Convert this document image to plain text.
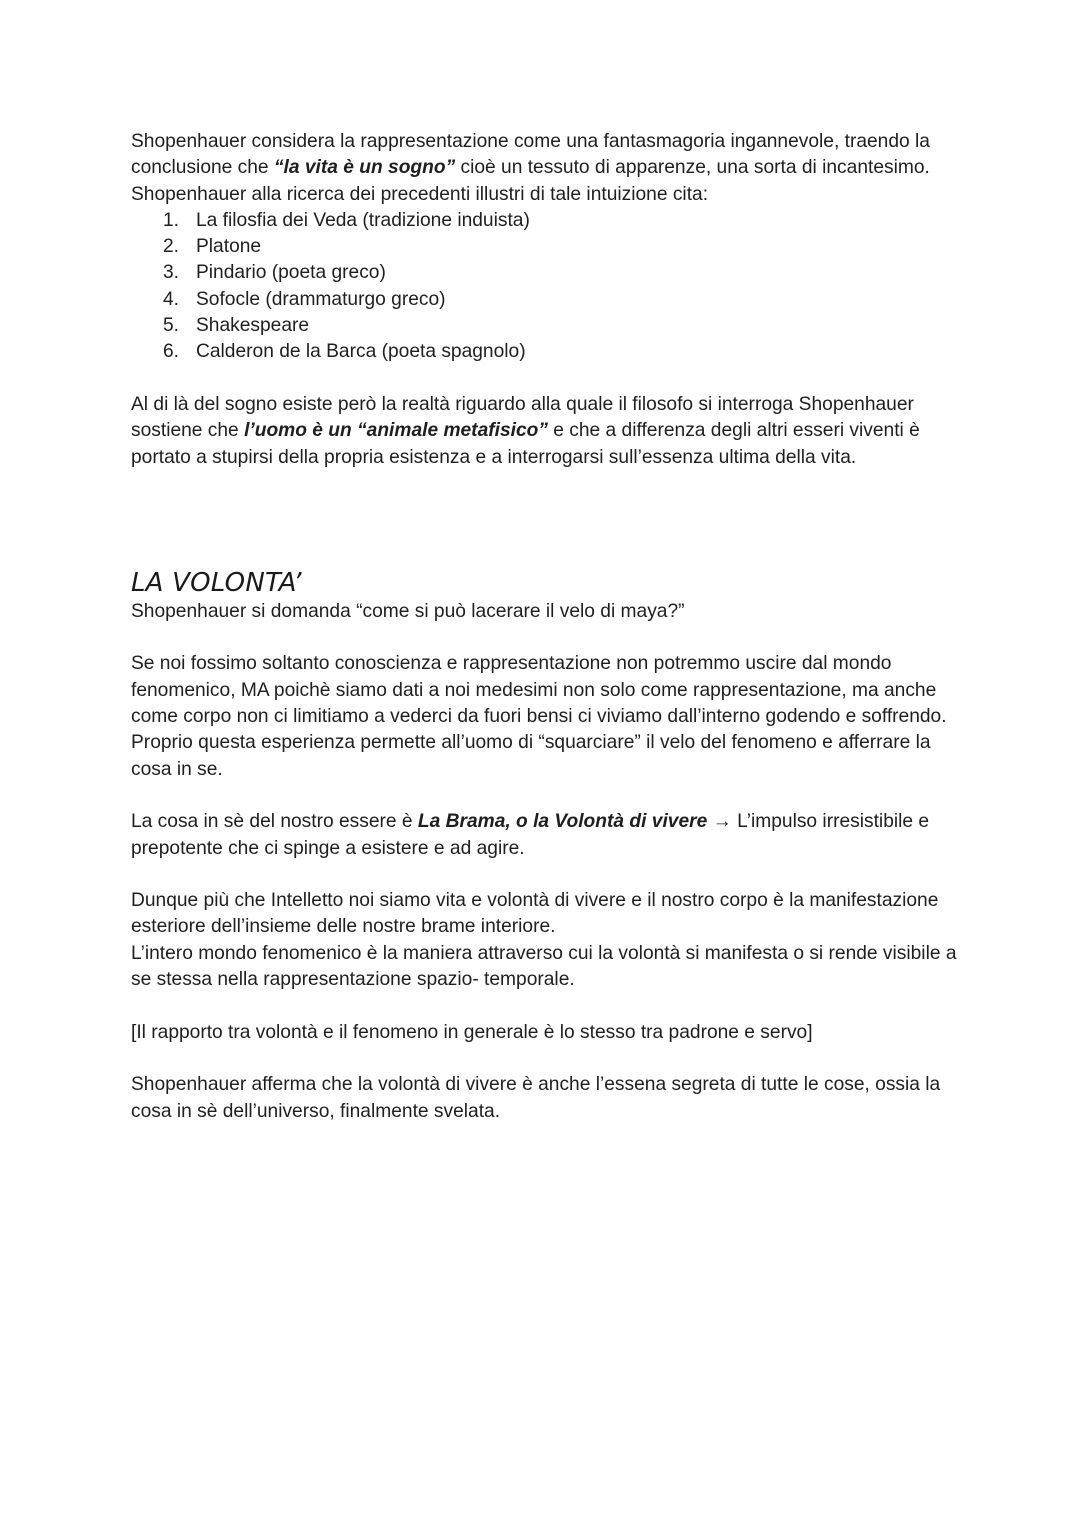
Shopenhauer considera la rappresentazione come una fantasmagoria ingannevole, traendo la conclusione che “la vita è un sogno” cioè un tessuto di apparenze, una sorta di incantesimo. Shopenhauer alla ricerca dei precedenti illustri di tale intuizione cita:

1. La filosfia dei Veda (tradizione induista)
2. Platone
3. Pindario (poeta greco)
4. Sofocle (drammaturgo greco)
5. Shakespeare
6. Calderon de la Barca (poeta spagnolo)

Al di là del sogno esiste però la realtà riguardo alla quale il filosofo si interroga Shopenhauer sostiene che l’uomo è un “animale metafisico” e che a differenza degli altri esseri viventi è portato a stupirsi della propria esistenza e a interrogarsi sull’essenza ultima della vita.

LA VOLONTA’

Shopenhauer si domanda “come si può lacerare il velo di maya?”

Se noi fossimo soltanto conoscienza e rappresentazione non potremmo uscire dal mondo fenomenico, MA poichè siamo dati a noi medesimi non solo come rappresentazione, ma anche come corpo non ci limitiamo a vederci da fuori bensi ci viviamo dall’interno godendo e soffrendo. Proprio questa esperienza permette all’uomo di “squarciare” il velo del fenomeno e afferrare la cosa in se.

La cosa in sè del nostro essere è La Brama, o la Volontà di vivere → L’impulso irresistibile e prepotente che ci spinge a esistere e ad agire.

Dunque più che Intelletto noi siamo vita e volontà di vivere e il nostro corpo è la manifestazione esteriore dell’insieme delle nostre brame interiore.

L’intero mondo fenomenico è la maniera attraverso cui la volontà si manifesta o si rende visibile a se stessa nella rappresentazione spazio- temporale.

[Il rapporto tra volontà e il fenomeno in generale è lo stesso tra padrone e servo]

Shopenhauer afferma che la volontà di vivere è anche l’essena segreta di tutte le cose, ossia la cosa in sè dell’universo, finalmente svelata.
